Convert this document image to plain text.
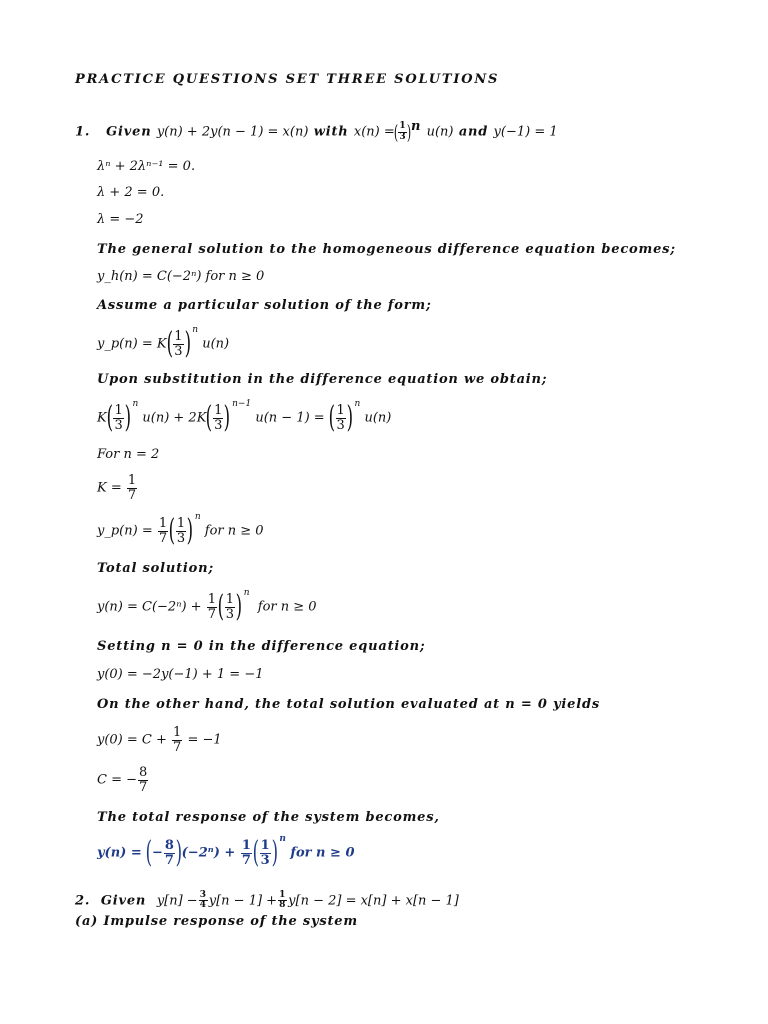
PRACTICE QUESTIONS SET THREE SOLUTIONS
1. Given y(n) + 2y(n − 1) = x(n) with x(n) =( $\frac{1}{3} )^n$ u(n) and y(−1) = 1
λⁿ + 2λⁿ⁻¹ = 0.
λ + 2 = 0.
λ = −2
The general solution to the homogeneous difference equation becomes;
y_h(n) = C(−2ⁿ) for n ≥ 0
Assume a particular solution of the form;
y_p(n) = $K( \frac{1}{3}$ ) $^n$ u(n)
Upon substitution in the difference equation we obtain;
$K( \frac{1}{3}$ ) $^n$ $u(n) + 2K( \frac{1}{3}$ ) $^{n-1}$ u(n − 1) = ( $\frac{1}{3}$ ) $^n$ u(n)
For n = 2
$K = \frac{1}{7}$
y_p(n) = $\frac{1}{7}$ ( $\frac{1}{3}$ ) $^n$ for n ≥ 0
Total solution;
$y(n) = C(-2^n) + \frac{1}{7}$ ( $\frac{1}{3}$ ) $^n$  for n ≥ 0
Setting n = 0 in the difference equation;
y(0) = −2y(−1) + 1 = −1
On the other hand, the total solution evaluated at n = 0 yields
$y(0) = C + \frac{1}{7} = -1$
C = − $\frac{8}{7}$
The total response of the system becomes,
y(n) = (− $\frac{8}{7} )(-2^n) + \frac{1}{7}$ ( $\frac{1}{3}$ ) $^n$ for n ≥ 0
2. Given $y[n] - \frac{3}{4} y[n - 1] + \frac{1}{8} y[n - 2] = x[n] + x[n - 1]$
(a) Impulse response of the system
